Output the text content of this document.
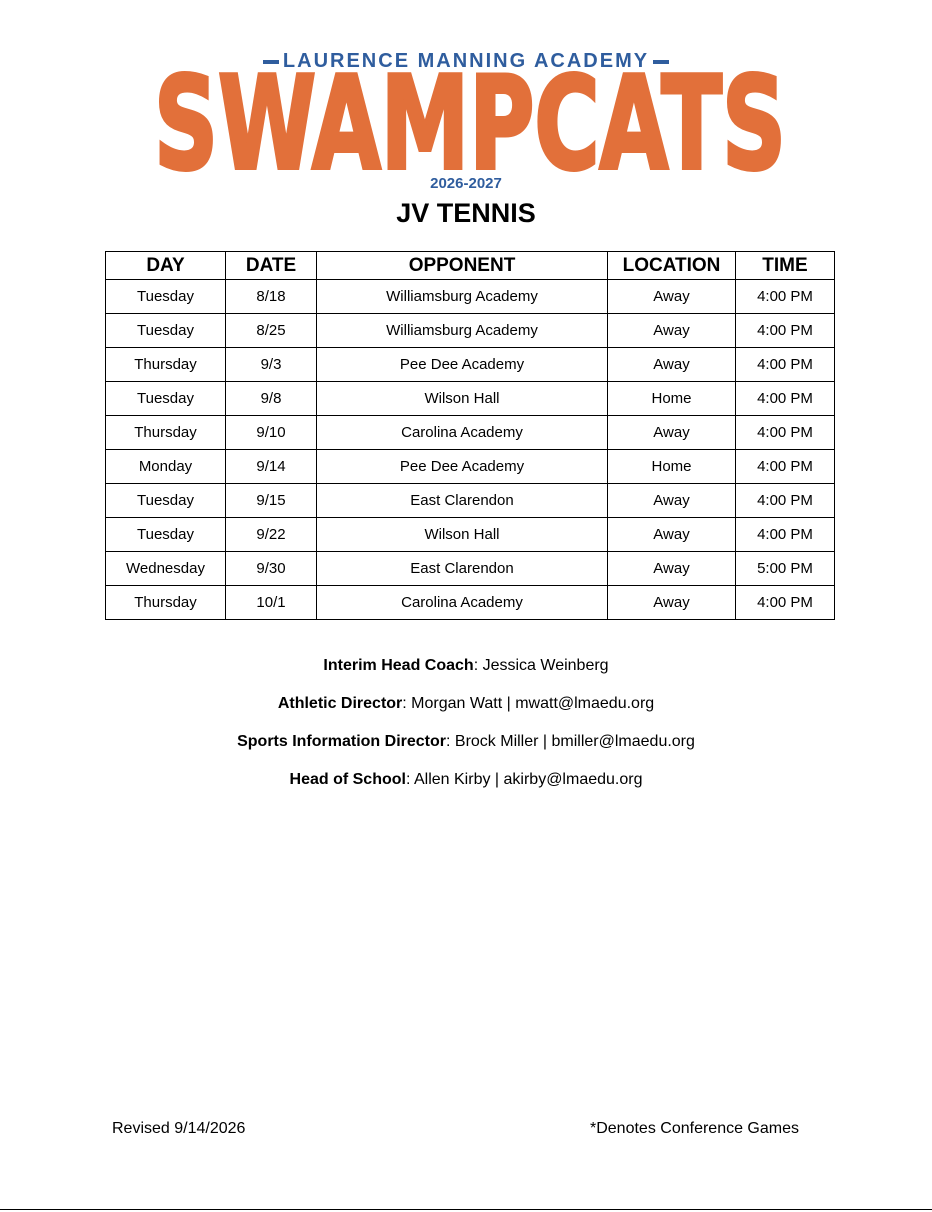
LAURENCE MANNING ACADEMY
SWAMPCATS
2026-2027
JV TENNIS
DAY	DATE	OPPONENT	LOCATION	TIME
Tuesday	8/18	Williamsburg Academy	Away	4:00 PM
Tuesday	8/25	Williamsburg Academy	Away	4:00 PM
Thursday	9/3	Pee Dee Academy	Away	4:00 PM
Tuesday	9/8	Wilson Hall	Home	4:00 PM
Thursday	9/10	Carolina Academy	Away	4:00 PM
Monday	9/14	Pee Dee Academy	Home	4:00 PM
Tuesday	9/15	East Clarendon	Away	4:00 PM
Tuesday	9/22	Wilson Hall	Away	4:00 PM
Wednesday	9/30	East Clarendon	Away	5:00 PM
Thursday	10/1	Carolina Academy	Away	4:00 PM
Interim Head Coach: Jessica Weinberg
Athletic Director: Morgan Watt | mwatt@lmaedu.org
Sports Information Director: Brock Miller | bmiller@lmaedu.org
Head of School: Allen Kirby | akirby@lmaedu.org
Revised 9/14/2026	*Denotes Conference Games
